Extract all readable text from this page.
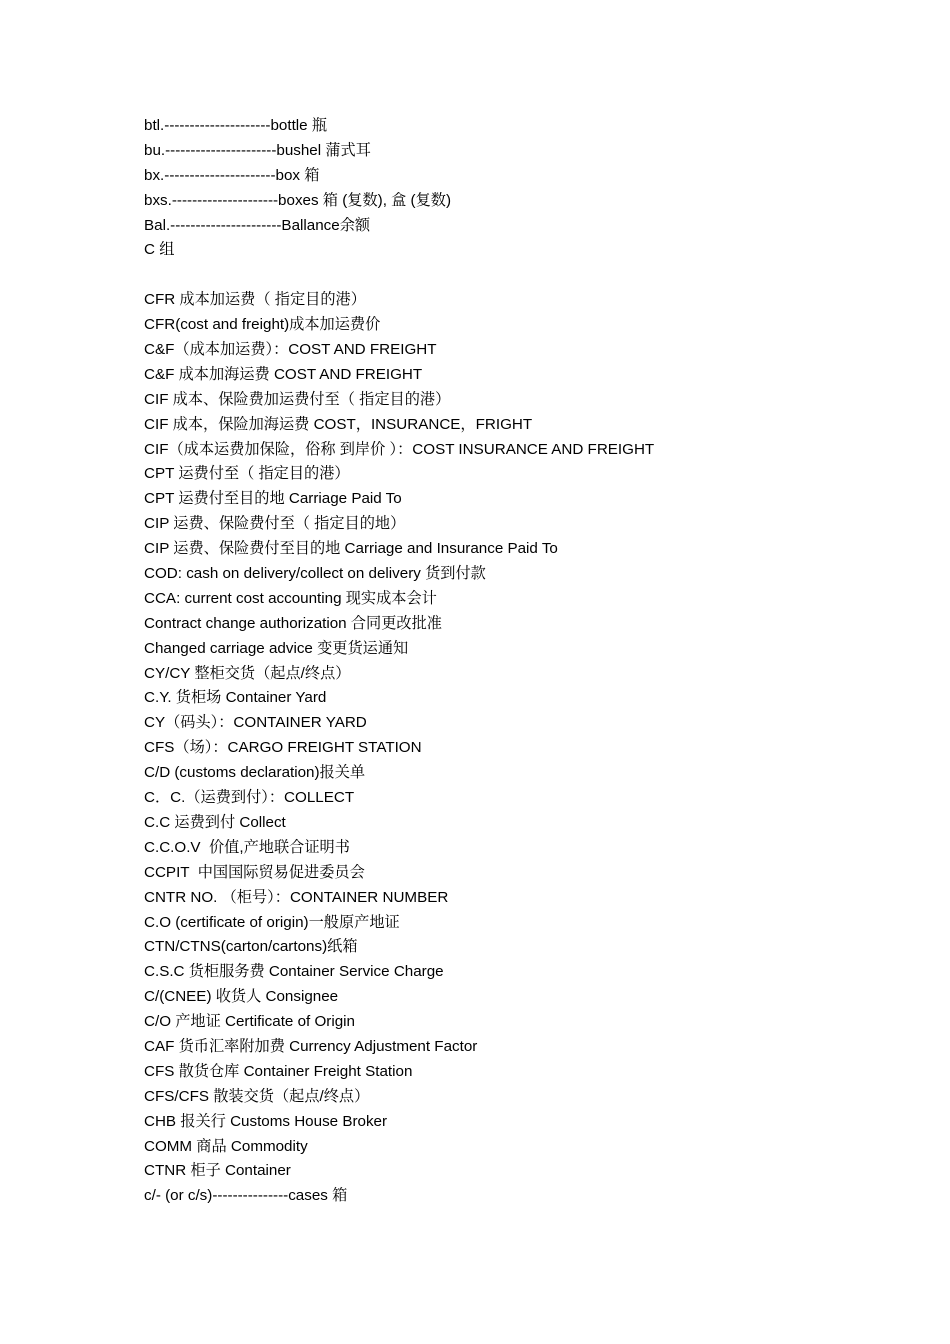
btl.---------------------bottle 瓶
bu.----------------------bushel 蒲式耳
bx.----------------------box 箱
bxs.---------------------boxes 箱 (复数), 盒 (复数)
Bal.----------------------Ballance余额
C 组
CFR 成本加运费（ 指定目的港）
CFR(cost and freight)成本加运费价
C&F（成本加运费）：COST AND FREIGHT
C&F 成本加海运费 COST AND FREIGHT
CIF 成本、保险费加运费付至（ 指定目的港）
CIF 成本，保险加海运费 COST，INSURANCE，FRIGHT
CIF（成本运费加保险，俗称 到岸价 ）：COST INSURANCE AND FREIGHT
CPT 运费付至（ 指定目的港）
CPT 运费付至目的地 Carriage Paid To
CIP 运费、保险费付至（ 指定目的地）
CIP 运费、保险费付至目的地 Carriage and Insurance Paid To
COD: cash on delivery/collect on delivery 货到付款
CCA: current cost accounting 现实成本会计
Contract change authorization 合同更改批准
Changed carriage advice 变更货运通知
CY/CY 整柜交货（起点/终点）
C.Y. 货柜场 Container Yard
CY（码头）：CONTAINER YARD
CFS（场）：CARGO FREIGHT STATION
C/D (customs declaration)报关单
C．C.（运费到付）：COLLECT
C.C 运费到付 Collect
C.C.O.V  价值,产地联合证明书
CCPIT  中国国际贸易促进委员会
CNTR NO. （柜号）：CONTAINER NUMBER
C.O (certificate of origin)一般原产地证
CTN/CTNS(carton/cartons)纸箱
C.S.C 货柜服务费 Container Service Charge
C/(CNEE) 收货人 Consignee
C/O 产地证 Certificate of Origin
CAF 货币汇率附加费 Currency Adjustment Factor
CFS 散货仓库 Container Freight Station
CFS/CFS 散装交货（起点/终点）
CHB 报关行 Customs House Broker
COMM 商品 Commodity
CTNR 柜子 Container
c/- (or c/s)---------------cases 箱
